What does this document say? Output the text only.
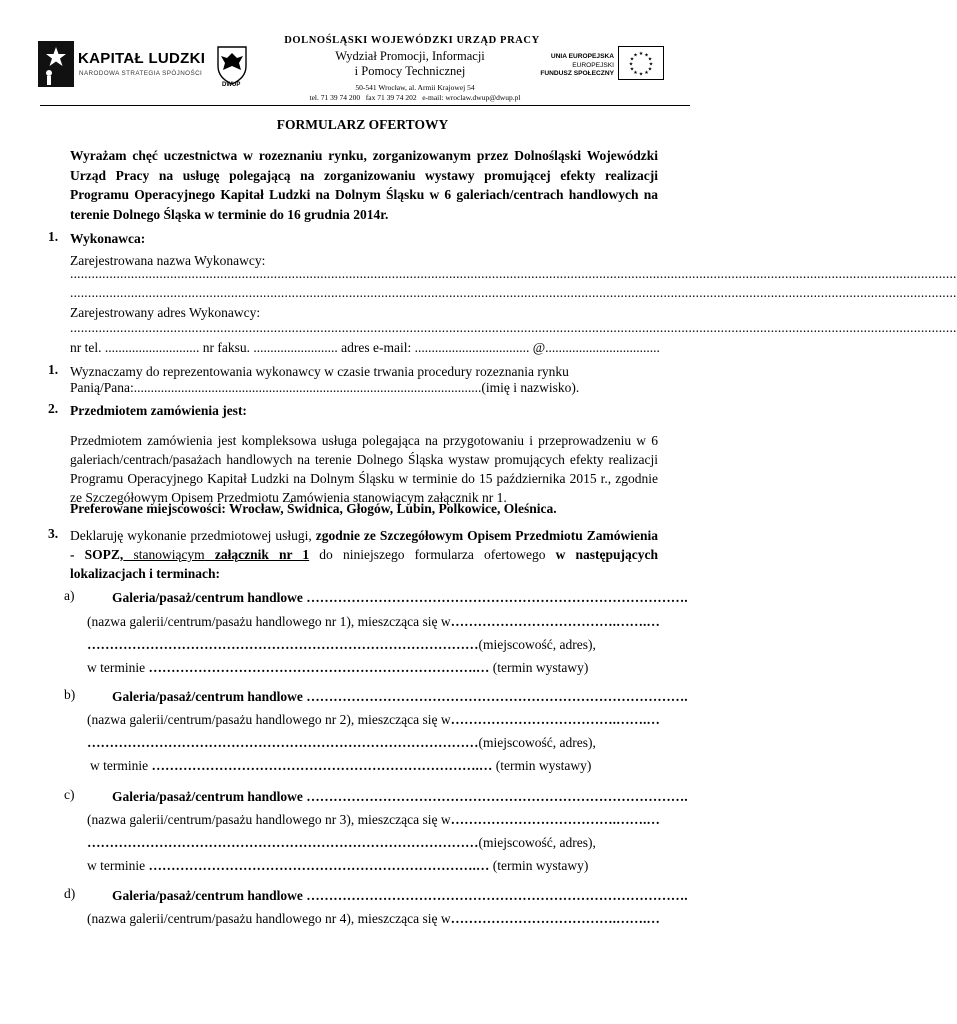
KAPITAŁ LUDZKI
NARODOWA STRATEGIA SPÓJNOŚCI
DWUP
DOLNOŚLĄSKI WOJEWÓDZKI URZĄD PRACY
Wydział Promocji, Informacji
i Pomocy Technicznej
50-541 Wrocław, al. Armii Krajowej 54
tel. 71 39 74 200   fax 71 39 74 202   e-mail: wroclaw.dwup@dwup.pl
UNIA EUROPEJSKA
EUROPEJSKI
FUNDUSZ SPOŁECZNY
★ ★
★
★
★
★
★
★
★
★
★
★
FORMULARZ OFERTOWY
Wyrażam chęć uczestnictwa w rozeznaniu rynku, zorganizowanym przez Dolnośląski Wojewódzki Urząd Pracy na usługę polegającą na zorganizowaniu wystawy promującej efekty realizacji Programu Operacyjnego Kapitał Ludzki na Dolnym Śląsku w 6 galeriach/centrach handlowych na terenie Dolnego Śląska w terminie do 16 grudnia 2014r.
1. Wykonawca:
Zarejestrowana nazwa Wykonawcy:
........................................................................................................................................................................................................................................................
........................................................................................................................................................................................................................................................
Zarejestrowany adres Wykonawcy:
........................................................................................................................................................................................................................................................
nr tel. ............................ nr faksu. ......................... adres e-mail: .................................. @..................................
1. Wyznaczamy do reprezentowania wykonawcy w czasie trwania procedury rozeznania rynku
Panią/Pana:.......................................................................................................(imię i nazwisko).
2. Przedmiotem zamówienia jest:
Przedmiotem zamówienia jest kompleksowa usługa polegająca na przygotowaniu i przeprowadzeniu w 6 galeriach/centrach/pasażach handlowych na terenie Dolnego Śląska wystaw promujących efekty realizacji Programu Operacyjnego Kapitał Ludzki na Dolnym Śląsku w terminie do 15 października 2015 r., zgodnie ze Szczegółowym Opisem Przedmiotu Zamówienia stanowiącym załącznik nr 1.
Preferowane miejscowości: Wrocław, Świdnica, Głogów, Lubin, Polkowice, Oleśnica.
3. Deklaruję wykonanie przedmiotowej usługi, zgodnie ze Szczegółowym Opisem Przedmiotu Zamówienia - SOPZ, stanowiącym załącznik nr 1 do niniejszego formularza ofertowego w następujących lokalizacjach i terminach:
a)	Galeria/pasaż/centrum handlowe ………………………………………………………………………….
(nazwa galerii/centrum/pasażu handlowego nr 1), mieszcząca się w……………………………….…….…
……………………………………………………………………………(miejscowość, adres),
w terminie ……………………………………………………………….… (termin wystawy)
b)	Galeria/pasaż/centrum handlowe ………………………………………………………………………….
(nazwa galerii/centrum/pasażu handlowego nr 2), mieszcząca się w……………………………….…….…
……………………………………………………………………………(miejscowość, adres),
w terminie ……………………………………………………………….… (termin wystawy)
c)	Galeria/pasaż/centrum handlowe ………………………………………………………………………….
(nazwa galerii/centrum/pasażu handlowego nr 3), mieszcząca się w……………………………….…….…
……………………………………………………………………………(miejscowość, adres),
w terminie ……………………………………………………………….… (termin wystawy)
d)	Galeria/pasaż/centrum handlowe ………………………………………………………………………….
(nazwa galerii/centrum/pasażu handlowego nr 4), mieszcząca się w……………………………….…….…
